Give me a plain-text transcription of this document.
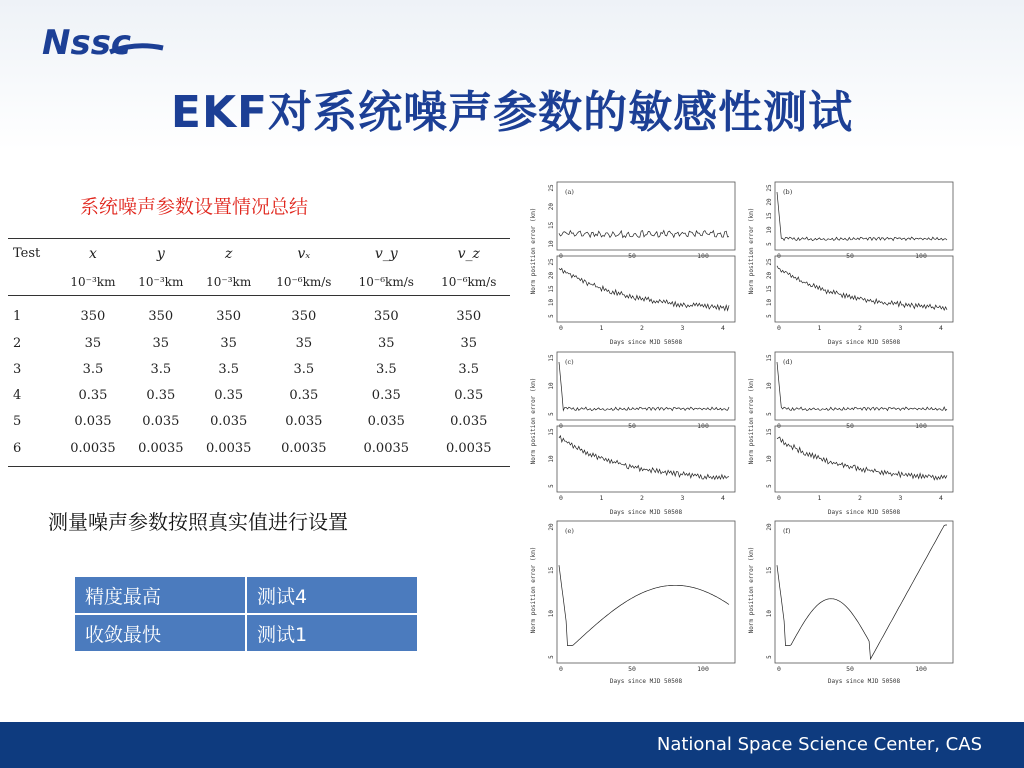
Nssc
EKF对系统噪声参数的敏感性测试
系统噪声参数设置情况总结
Test	x	y	z	vₓ	v_y	v_z
	10⁻³km	10⁻³km	10⁻³km	10⁻⁶km/s	10⁻⁶km/s	10⁻⁶km/s
1	350	350	350	350	350	350
2	35	35	35	35	35	35
3	3.5	3.5	3.5	3.5	3.5	3.5
4	0.35	0.35	0.35	0.35	0.35	0.35
5	0.035	0.035	0.035	0.035	0.035	0.035
6	0.0035	0.0035	0.0035	0.0035	0.0035	0.0035
测量噪声参数按照真实值进行设置
精度最高	测试4
收敛最快	测试1
0	50	100
10
15
20
25
0	1	2	3	4
5
10
15
20
25
(a)
Norm position error (km)
Days since MJD 50508
0	50	100
5
10
15
20
25
0	1	2	3	4
5
10
15
20
25
(b)
Norm position error (km)
Days since MJD 50508
0	50	100
5
10
15
0	1	2	3	4
5
10
15
(c)
Norm position error (km)
Days since MJD 50508
0	50	100
5
10
15
0	1	2	3	4
5
10
15
(d)
Norm position error (km)
Days since MJD 50508
0	50	100
5
10
15
20 (e)
Norm position error (km)
Days since MJD 50508
0	50	100
5
10
15
20 (f)
Norm position error (km)
Days since MJD 50508
National Space Science Center, CAS
